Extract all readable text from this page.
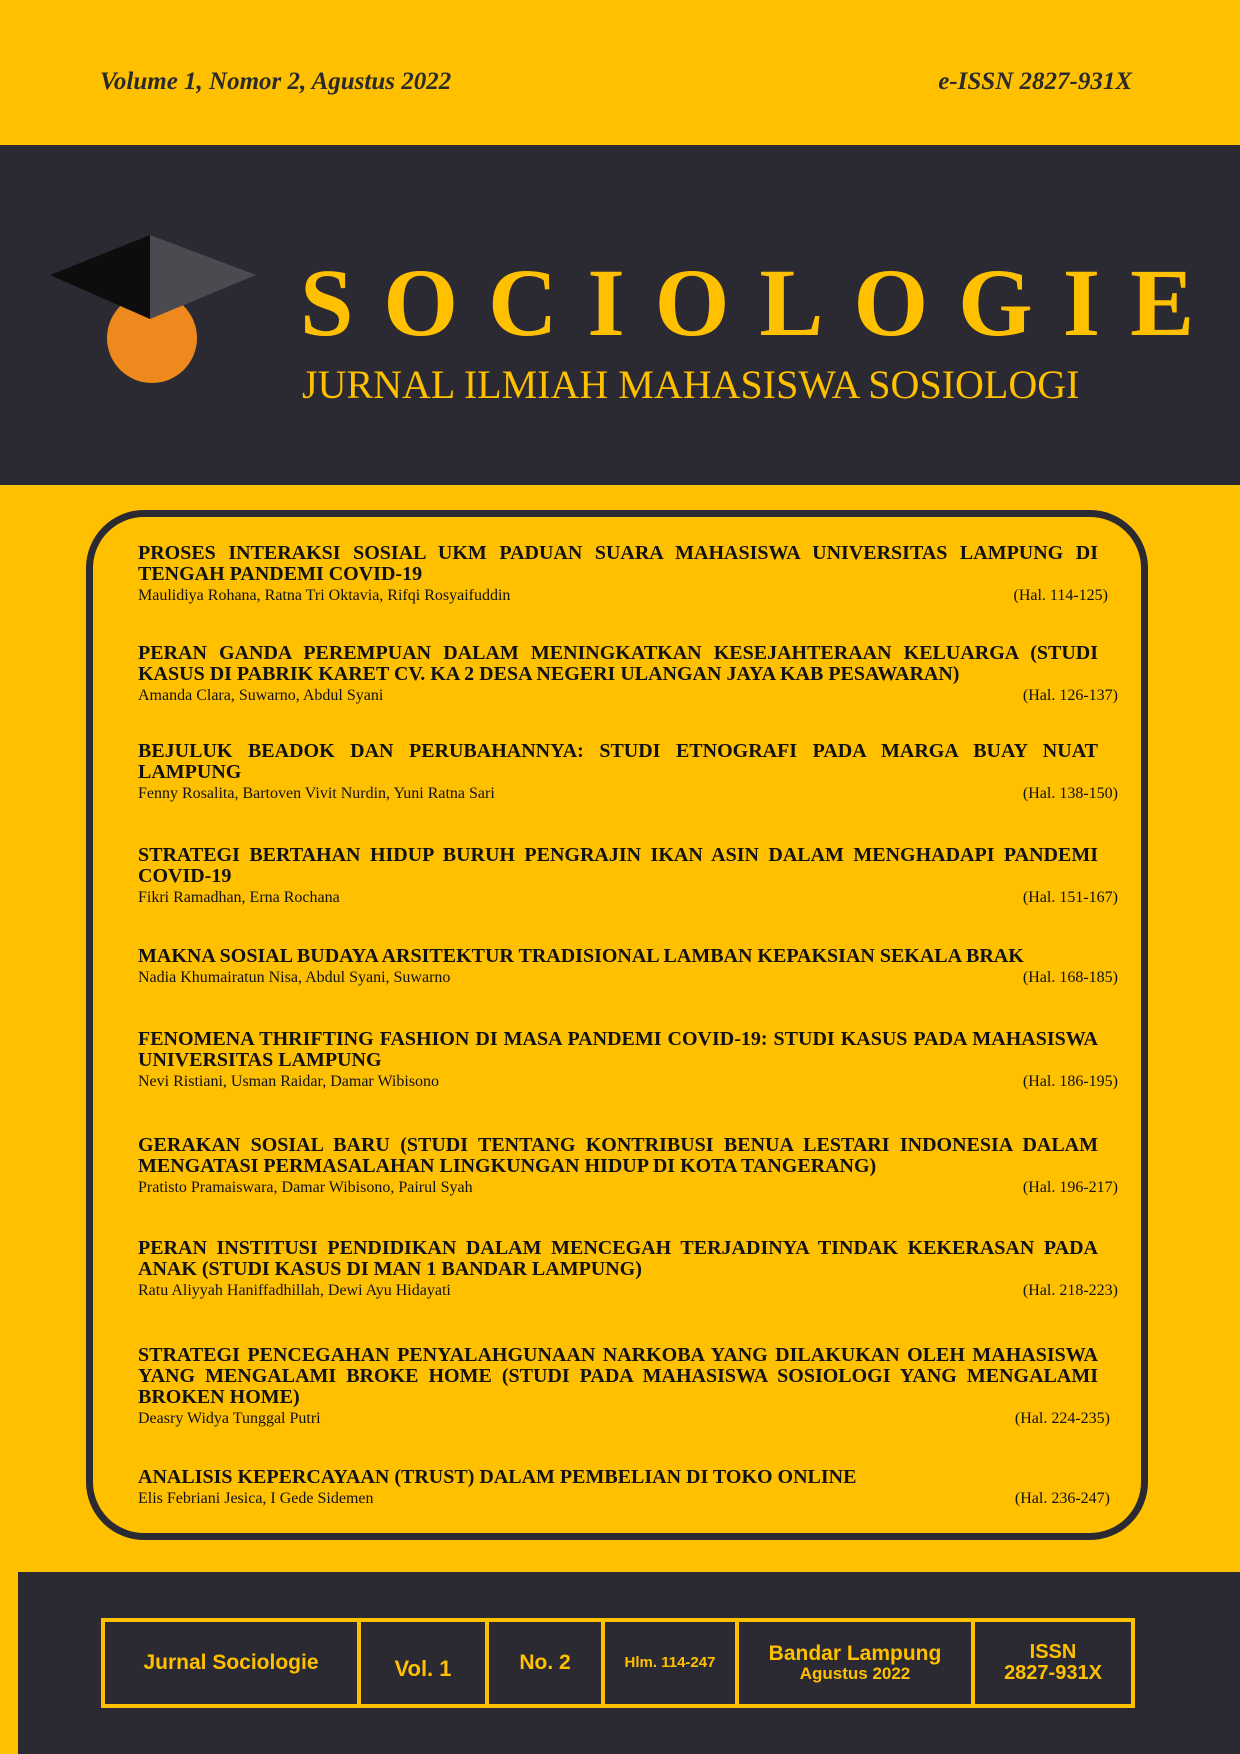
Volume 1, Nomor 2, Agustus 2022	e-ISSN 2827-931X
SOCIOLOGIE
JURNAL ILMIAH MAHASISWA SOSIOLOGI
PROSES INTERAKSI SOSIAL UKM PADUAN SUARA MAHASISWA UNIVERSITAS LAMPUNG DI TENGAH PANDEMI COVID-19
Maulidiya Rohana, Ratna Tri Oktavia, Rifqi Rosyaifuddin	(Hal. 114-125)
PERAN GANDA PEREMPUAN DALAM MENINGKATKAN KESEJAHTERAAN KELUARGA (STUDI KASUS DI PABRIK KARET CV. KA 2 DESA NEGERI ULANGAN JAYA KAB PESAWARAN)
Amanda Clara, Suwarno, Abdul Syani	(Hal. 126-137)
BEJULUK BEADOK DAN PERUBAHANNYA: STUDI ETNOGRAFI PADA MARGA BUAY NUAT LAMPUNG
Fenny Rosalita, Bartoven Vivit Nurdin, Yuni Ratna Sari	(Hal. 138-150)
STRATEGI BERTAHAN HIDUP BURUH PENGRAJIN IKAN ASIN DALAM MENGHADAPI PANDEMI COVID-19
Fikri Ramadhan, Erna Rochana	(Hal. 151-167)
MAKNA SOSIAL BUDAYA ARSITEKTUR TRADISIONAL LAMBAN KEPAKSIAN SEKALA BRAK
Nadia Khumairatun Nisa, Abdul Syani, Suwarno	(Hal. 168-185)
FENOMENA THRIFTING FASHION DI MASA PANDEMI COVID-19: STUDI KASUS PADA MAHASISWA UNIVERSITAS LAMPUNG
Nevi Ristiani, Usman Raidar, Damar Wibisono	(Hal. 186-195)
GERAKAN SOSIAL BARU (STUDI TENTANG KONTRIBUSI BENUA LESTARI INDONESIA DALAM MENGATASI PERMASALAHAN LINGKUNGAN HIDUP DI KOTA TANGERANG)
Pratisto Pramaiswara, Damar Wibisono, Pairul Syah	(Hal. 196-217)
PERAN INSTITUSI PENDIDIKAN DALAM MENCEGAH TERJADINYA TINDAK KEKERASAN PADA ANAK (STUDI KASUS DI MAN 1 BANDAR LAMPUNG)
Ratu Aliyyah Haniffadhillah, Dewi Ayu Hidayati	(Hal. 218-223)
STRATEGI PENCEGAHAN PENYALAHGUNAAN NARKOBA YANG DILAKUKAN OLEH MAHASISWA YANG MENGALAMI BROKE HOME (STUDI PADA MAHASISWA SOSIOLOGI YANG MENGALAMI BROKEN HOME)
Deasry Widya Tunggal Putri	(Hal. 224-235)
ANALISIS KEPERCAYAAN (TRUST) DALAM PEMBELIAN DI TOKO ONLINE
Elis Febriani Jesica, I Gede Sidemen	(Hal. 236-247)
Jurnal Sociologie	Vol. 1	No. 2	Hlm. 114-247	Bandar Lampung
Agustus 2022
ISSN
2827-931X
